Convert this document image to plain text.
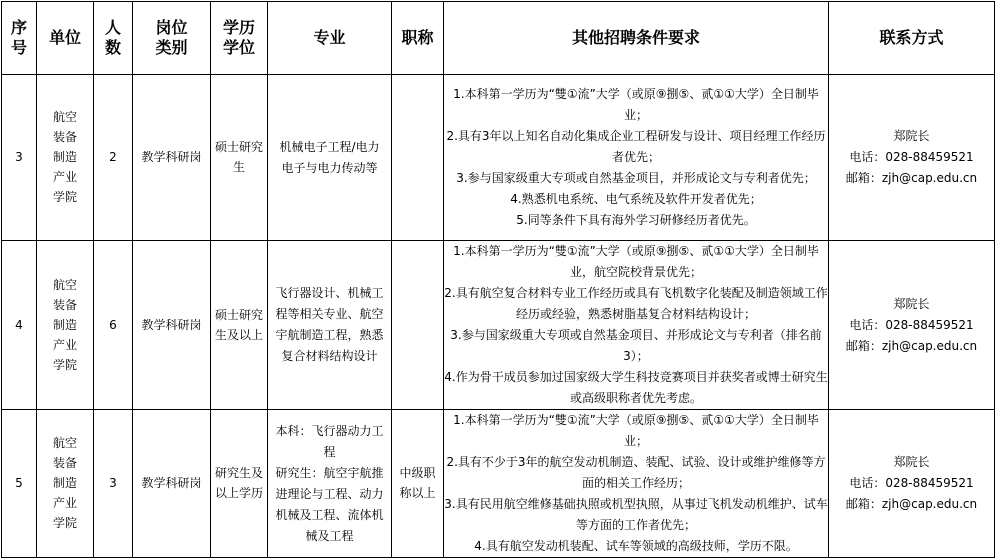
序号	单位	人数	岗位类别	学历学位	专业	职称	其他招聘条件要求	联系方式
3	航空装备制造产业学院	2	教学科研岗	硕士研究生	机械电子工程/电力电子与电力传动等		1.本科第一学历为“雙①流”大学（或原⑨捌⑤、贰①①大学）全日制毕业；
2.具有3年以上知名自动化集成企业工程研发与设计、项目经理工作经历者优先；
3.参与国家级重大专项或自然基金项目，并形成论文与专利者优先；
4.熟悉机电系统、电气系统及软件开发者优先；
5.同等条件下具有海外学习研修经历者优先。	郑院长
电话：028-88459521
邮箱：zjh@cap.edu.cn

4	航空装备制造产业学院	6	教学科研岗	硕士研究生及以上	飞行器设计、机械工程等相关专业、航空宇航制造工程，熟悉复合材料结构设计		1.本科第一学历为“雙①流”大学（或原⑨捌⑤、贰①①大学）全日制毕业，航空院校背景优先；
2.具有航空复合材料专业工作经历或具有飞机数字化装配及制造领域工作经历或经验，熟悉树脂基复合材料结构设计；
3.参与国家级重大专项或自然基金项目、并形成论文与专利者（排名前3）；
4.作为骨干成员参加过国家级大学生科技竞赛项目并获奖者或博士研究生或高级职称者优先考虑。	郑院长
电话：028-88459521
邮箱：zjh@cap.edu.cn

5	航空装备制造产业学院	3	教学科研岗	研究生及以上学历	本科：飞行器动力工程
研究生：航空宇航推进理论与工程、动力机械及工程、流体机械及工程	中级职称以上	1.本科第一学历为“雙①流”大学（或原⑨捌⑤、贰①①大学）全日制毕业；
2.具有不少于3年的航空发动机制造、装配、试验、设计或维护维修等方面的相关工作经历；
3.具有民用航空维修基础执照或机型执照，从事过飞机发动机维护、试车等方面的工作者优先；
4.具有航空发动机装配、试车等领域的高级技师，学历不限。	郑院长
电话：028-88459521
邮箱：zjh@cap.edu.cn
